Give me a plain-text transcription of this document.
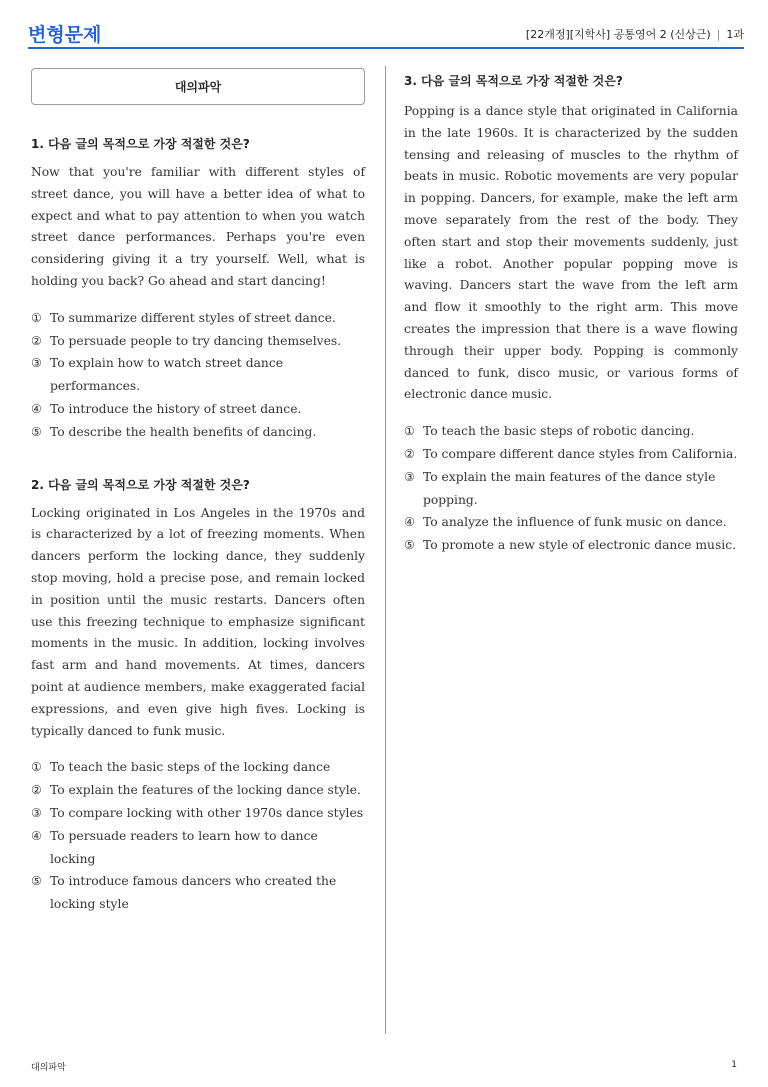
변형문제	[22개정][지학사] 공통영어 2 (신상근) | 1과
대의파악

1. 다음 글의 목적으로 가장 적절한 것은?

Now that you're familiar with different styles of street dance, you will have a better idea of what to expect and what to pay attention to when you watch street dance performances. Perhaps you're even considering giving it a try yourself. Well, what is holding you back? Go ahead and start dancing!

① To summarize different styles of street dance.
② To persuade people to try dancing themselves.
③ To explain how to watch street dance performances.
④ To introduce the history of street dance.
⑤ To describe the health benefits of dancing.

2. 다음 글의 목적으로 가장 적절한 것은?

Locking originated in Los Angeles in the 1970s and is characterized by a lot of freezing moments. When dancers perform the locking dance, they suddenly stop moving, hold a precise pose, and remain locked in position until the music restarts. Dancers often use this freezing technique to emphasize significant moments in the music. In addition, locking involves fast arm and hand movements. At times, dancers point at audience members, make exaggerated facial expressions, and even give high fives. Locking is typically danced to funk music.

① To teach the basic steps of the locking dance
② To explain the features of the locking dance style.
③ To compare locking with other 1970s dance styles
④ To persuade readers to learn how to dance locking
⑤ To introduce famous dancers who created the locking style

3. 다음 글의 목적으로 가장 적절한 것은?

Popping is a dance style that originated in California in the late 1960s. It is characterized by the sudden tensing and releasing of muscles to the rhythm of beats in music. Robotic movements are very popular in popping. Dancers, for example, make the left arm move separately from the rest of the body. They often start and stop their movements suddenly, just like a robot. Another popular popping move is waving. Dancers start the wave from the left arm and flow it smoothly to the right arm. This move creates the impression that there is a wave flowing through their upper body. Popping is commonly danced to funk, disco music, or various forms of electronic dance music.

① To teach the basic steps of robotic dancing.
② To compare different dance styles from California.
③ To explain the main features of the dance style popping.
④ To analyze the influence of funk music on dance.
⑤ To promote a new style of electronic dance music.
대의파악	1
